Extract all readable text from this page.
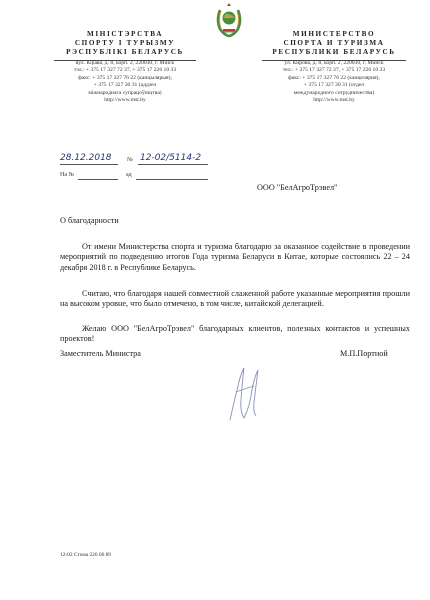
МІНІСТЭРСТВА
СПОРТУ І ТУРЫЗМУ
РЭСПУБЛІКІ БЕЛАРУСЬ
вул. Кірава, д. 8, корп. 2, 220030, г. Мінск
тэл.: + 375 17 327 72 37, + 375 17 226 10 33
факс: + 375 17 327 76 22 (канцылярыя),
+ 375 17 327 30 31 (аддзел
міжнароднага супрацоўніцтва)
http://www.mst.by
МИНИСТЕРСТВО
СПОРТА И ТУРИЗМА
РЕСПУБЛИКИ БЕЛАРУСЬ
ул. Кирова, д. 8, корп. 2, 220030, г. Минск
тел.: + 375 17 327 72 37, + 375 17 226 10 33
факс: + 375 17 327 76 22 (канцелярия),
+ 375 17 327 30 31 (отдел
международного сотрудничества)
http://www.mst.by
28.12.2018	№ 12-02/5114-2
На №	ад
ООО "БелАгроТрэвел"
О благодарности
От имени Министерства спорта и туризма благодарю за оказанное содействие в проведении мероприятий по подведению итогов Года туризма Беларуси в Китае, которые состоялись 22 – 24 декабря 2018 г. в Республике Беларусь.
Считаю, что благодаря нашей совместной слаженной работе указанные мероприятия прошли на высоком уровне, что было отмечено, в том числе, китайской делегацией.
Желаю ООО "БелАгроТрэвел" благодарных клиентов, полезных контактов и успешных проектов!
Заместитель Министра	М.П.Портной
12-02 Стома 226 06 89
